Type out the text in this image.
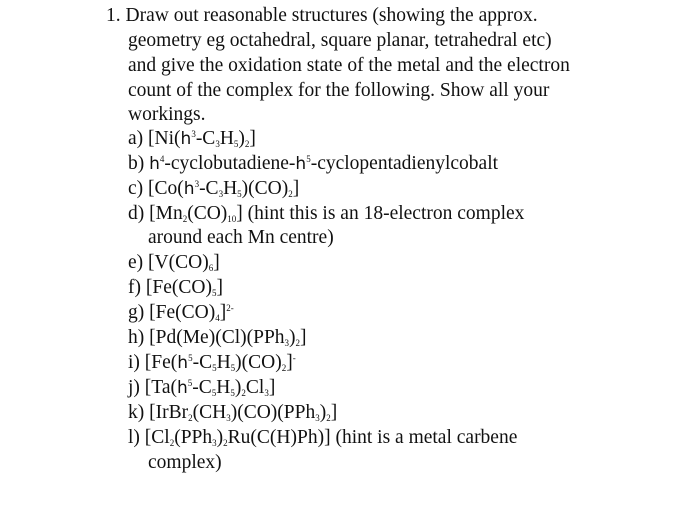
1. Draw out reasonable structures (showing the approx.
geometry eg octahedral, square planar, tetrahedral etc)
and give the oxidation state of the metal and the electron
count of the complex for the following. Show all your
workings.
a) $[Ni(h^3-C_3H_5)_2]$
b) $h^4-cyclobutadiene-h^5$-cyclopentadienylcobalt
c) $[Co(h^3-C_3H_5)(CO)_2]$
d) $[Mn_2(CO)_{10}]$ (hint this is an 18-electron complex
around each Mn centre)
e) $[V(CO)_6]$
f) $[Fe(CO)_5]$
g) $[Fe(CO)_4]^{2-}$
h) $[Pd(Me)(Cl)(PPh_3)_2]$
i) $[Fe(h^5-C_5H_5)(CO)_2]^-$
j) $[Ta(h^5-C_5H_5)_2Cl_3]$
k) $[IrBr_2(CH_3)(CO)(PPh_3)_2]$
l) $[Cl_2(PPh_3)_2Ru(C(H)Ph)]$ (hint is a metal carbene
complex)
